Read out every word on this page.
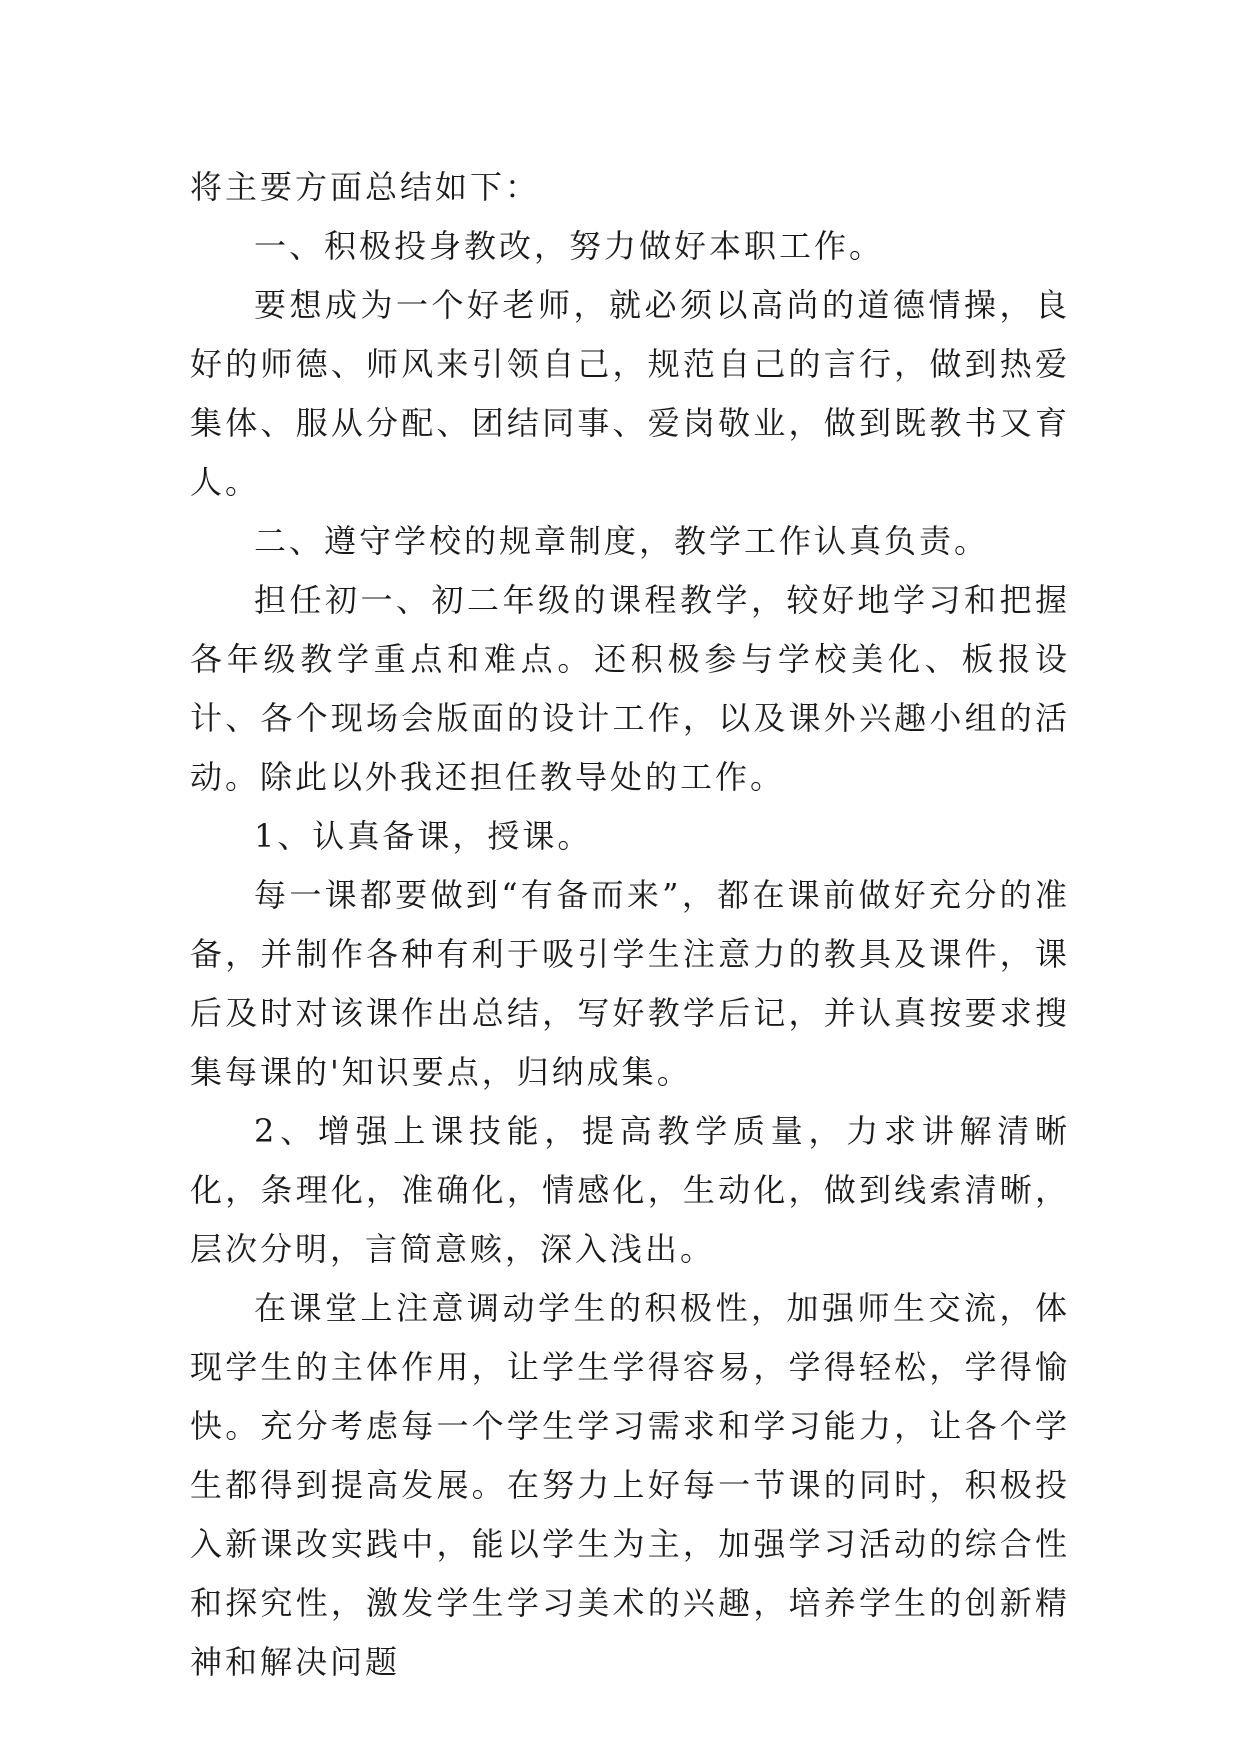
将主要方面总结如下：

一、积极投身教改，努力做好本职工作。

要想成为一个好老师，就必须以高尚的道德情操，良好的师德、师风来引领自己，规范自己的言行，做到热爱集体、服从分配、团结同事、爱岗敬业，做到既教书又育人。

二、遵守学校的规章制度，教学工作认真负责。

担任初一、初二年级的课程教学，较好地学习和把握各年级教学重点和难点。还积极参与学校美化、板报设计、各个现场会版面的设计工作，以及课外兴趣小组的活动。除此以外我还担任教导处的工作。

1、认真备课，授课。

每一课都要做到“有备而来”，都在课前做好充分的准备，并制作各种有利于吸引学生注意力的教具及课件，课后及时对该课作出总结，写好教学后记，并认真按要求搜集每课的'知识要点，归纳成集。

2、增强上课技能，提高教学质量，力求讲解清晰化，条理化，准确化，情感化，生动化，做到线索清晰，层次分明，言简意赅，深入浅出。

在课堂上注意调动学生的积极性，加强师生交流，体现学生的主体作用，让学生学得容易，学得轻松，学得愉快。充分考虑每一个学生学习需求和学习能力，让各个学生都得到提高发展。在努力上好每一节课的同时，积极投入新课改实践中，能以学生为主，加强学习活动的综合性和探究性，激发学生学习美术的兴趣，培养学生的创新精神和解决问题
